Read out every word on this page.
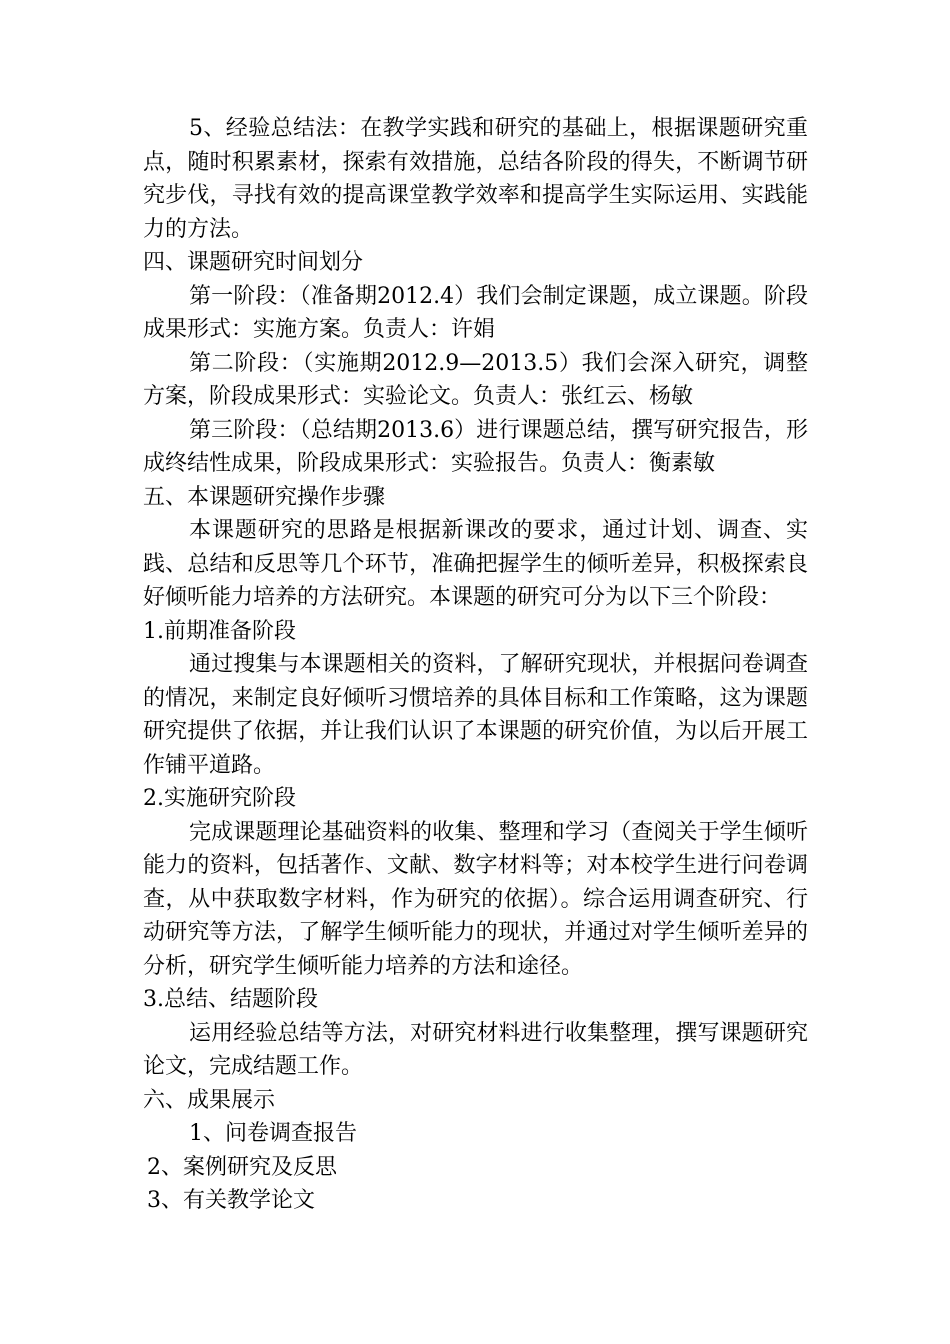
5、经验总结法：在教学实践和研究的基础上，根据课题研究重点，随时积累素材，探索有效措施，总结各阶段的得失，不断调节研究步伐，寻找有效的提高课堂教学效率和提高学生实际运用、实践能力的方法。

四、课题研究时间划分

第一阶段：（准备期2012.4）我们会制定课题，成立课题。阶段成果形式：实施方案。负责人：许娟

第二阶段：（实施期2012.9—2013.5）我们会深入研究，调整方案，阶段成果形式：实验论文。负责人：张红云、杨敏

第三阶段：（总结期2013.6）进行课题总结，撰写研究报告，形成终结性成果，阶段成果形式：实验报告。负责人：衡素敏

五、本课题研究操作步骤

本课题研究的思路是根据新课改的要求，通过计划、调查、实践、总结和反思等几个环节，准确把握学生的倾听差异，积极探索良好倾听能力培养的方法研究。本课题的研究可分为以下三个阶段：

1.前期准备阶段

通过搜集与本课题相关的资料，了解研究现状，并根据问卷调查的情况，来制定良好倾听习惯培养的具体目标和工作策略，这为课题研究提供了依据，并让我们认识了本课题的研究价值，为以后开展工作铺平道路。

2.实施研究阶段

完成课题理论基础资料的收集、整理和学习（查阅关于学生倾听能力的资料，包括著作、文献、数字材料等；对本校学生进行问卷调查，从中获取数字材料，作为研究的依据）。综合运用调查研究、行动研究等方法，了解学生倾听能力的现状，并通过对学生倾听差异的分析，研究学生倾听能力培养的方法和途径。

3.总结、结题阶段

运用经验总结等方法，对研究材料进行收集整理，撰写课题研究论文，完成结题工作。

六、成果展示

1、问卷调查报告

2、案例研究及反思

3、有关教学论文
